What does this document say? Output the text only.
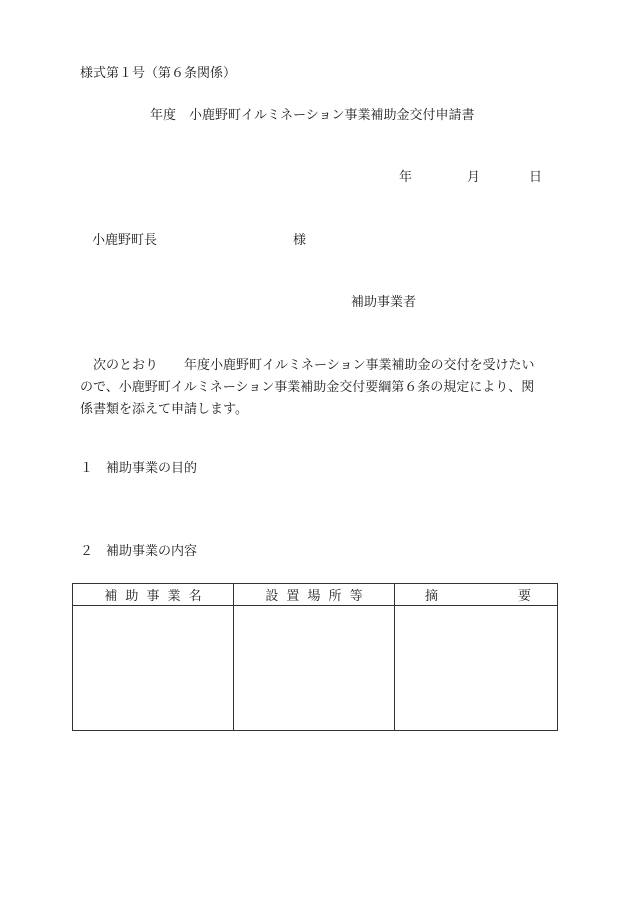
様式第１号（第６条関係）
年度　小鹿野町イルミネーション事業補助金交付申請書
年	月	日
小鹿野町長	様
補助事業者
　次のとおり　　年度小鹿野町イルミネーション事業補助金の交付を受けたい
ので、小鹿野町イルミネーション事業補助金交付要綱第６条の規定により、関
係書類を添えて申請します。
１　補助事業の目的
２　補助事業の内容
補助事業名	設置場所等	摘 要
